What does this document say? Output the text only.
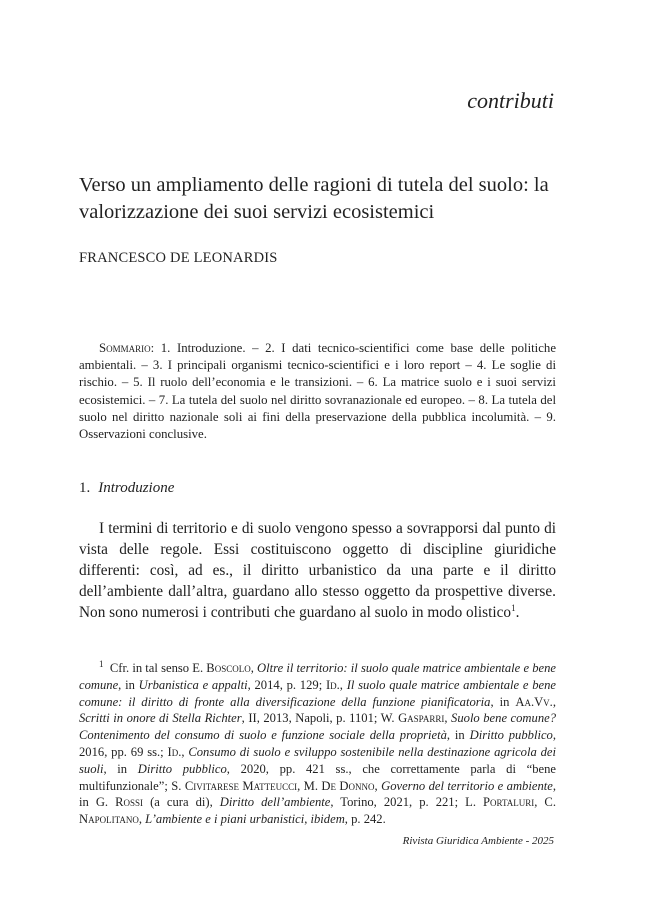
contributi
Verso un ampliamento delle ragioni di tutela del suolo: la valorizzazione dei suoi servizi ecosistemici
FRANCESCO DE LEONARDIS
Sommario: 1. Introduzione. – 2. I dati tecnico-scientifici come base delle politiche ambientali. – 3. I principali organismi tecnico-scientifici e i loro report – 4. Le soglie di rischio. – 5. Il ruolo dell’economia e le transizioni. – 6. La matrice suolo e i suoi servizi ecosistemici. – 7. La tutela del suolo nel diritto sovranazionale ed europeo. – 8. La tutela del suolo nel diritto nazionale soli ai fini della preservazione della pubblica incolumità. – 9. Osservazioni conclusive.
1. Introduzione
I termini di territorio e di suolo vengono spesso a sovrapporsi dal punto di vista delle regole. Essi costituiscono oggetto di discipline giuridiche differenti: così, ad es., il diritto urbanistico da una parte e il diritto dell’ambiente dall’altra, guardano allo stesso oggetto da prospettive diverse. Non sono numerosi i contributi che guardano al suolo in modo olistico$^1$.
$^1$ Cfr. in tal senso E. Boscolo, Oltre il territorio: il suolo quale matrice ambientale e bene comune, in Urbanistica e appalti, 2014, p. 129; Id., Il suolo quale matrice ambientale e bene comune: il diritto di fronte alla diversificazione della funzione pianificatoria, in Aa.Vv., Scritti in onore di Stella Richter, II, 2013, Napoli, p. 1101; W. Gasparri, Suolo bene comune? Contenimento del consumo di suolo e funzione sociale della proprietà, in Diritto pubblico, 2016, pp. 69 ss.; Id., Consumo di suolo e sviluppo sostenibile nella destinazione agricola dei suoli, in Diritto pubblico, 2020, pp. 421 ss., che correttamente parla di “bene multifunzionale”; S. Civitarese Matteucci, M. De Donno, Governo del territorio e ambiente, in G. Rossi (a cura di), Diritto dell’ambiente, Torino, 2021, p. 221; L. Portaluri, C. Napolitano, L’ambiente e i piani urbanistici, ibidem, p. 242.
Rivista Giuridica Ambiente - 2025
